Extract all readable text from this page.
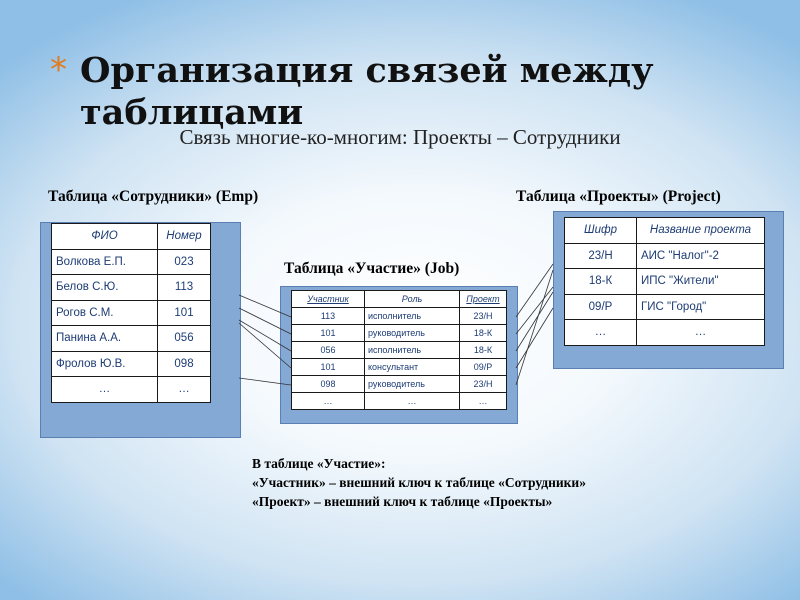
* Организация связей между таблицами
Связь многие-ко-многим: Проекты – Сотрудники
Таблица «Сотрудники» (Emp)
ФИО	Номер
Волкова Е.П.	023
Белов С.Ю.	113
Рогов С.М.	101
Панина А.А.	056
Фролов Ю.В.	098
…	…
Таблица «Участие» (Job)
Участник	Роль	Проект
113	исполнитель	23/Н
101	руководитель	18-К
056	исполнитель	18-К
101	консультант	09/Р
098	руководитель	23/Н
…	…	…
Таблица «Проекты» (Project)
Шифр	Название проекта
23/Н	АИС "Налог"-2
18-К	ИПС "Жители"
09/Р	ГИС "Город"
…	…
В таблице «Участие»:
«Участник» – внешний ключ к таблице «Сотрудники»
«Проект» – внешний ключ к таблице «Проекты»
